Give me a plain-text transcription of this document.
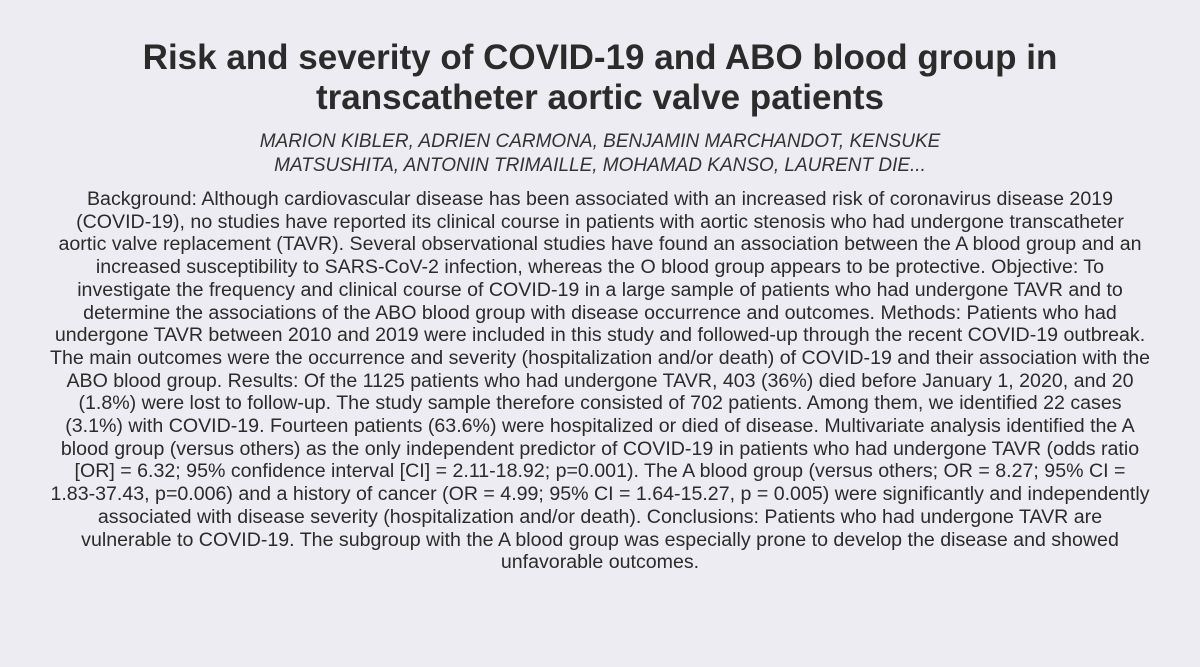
Risk and severity of COVID-19 and ABO blood group in transcatheter aortic valve patients
MARION KIBLER, ADRIEN CARMONA, BENJAMIN MARCHANDOT, KENSUKE MATSUSHITA, ANTONIN TRIMAILLE, MOHAMAD KANSO, LAURENT DIE...
Background: Although cardiovascular disease has been associated with an increased risk of coronavirus disease 2019 (COVID-19), no studies have reported its clinical course in patients with aortic stenosis who had undergone transcatheter aortic valve replacement (TAVR). Several observational studies have found an association between the A blood group and an increased susceptibility to SARS-CoV-2 infection, whereas the O blood group appears to be protective. Objective: To investigate the frequency and clinical course of COVID-19 in a large sample of patients who had undergone TAVR and to determine the associations of the ABO blood group with disease occurrence and outcomes. Methods: Patients who had undergone TAVR between 2010 and 2019 were included in this study and followed-up through the recent COVID-19 outbreak. The main outcomes were the occurrence and severity (hospitalization and/or death) of COVID-19 and their association with the ABO blood group. Results: Of the 1125 patients who had undergone TAVR, 403 (36%) died before January 1, 2020, and 20 (1.8%) were lost to follow-up. The study sample therefore consisted of 702 patients. Among them, we identified 22 cases (3.1%) with COVID-19. Fourteen patients (63.6%) were hospitalized or died of disease. Multivariate analysis identified the A blood group (versus others) as the only independent predictor of COVID-19 in patients who had undergone TAVR (odds ratio [OR] = 6.32; 95% confidence interval [CI] = 2.11-18.92; p=0.001). The A blood group (versus others; OR = 8.27; 95% CI = 1.83-37.43, p=0.006) and a history of cancer (OR = 4.99; 95% CI = 1.64-15.27, p = 0.005) were significantly and independently associated with disease severity (hospitalization and/or death). Conclusions: Patients who had undergone TAVR are vulnerable to COVID-19. The subgroup with the A blood group was especially prone to develop the disease and showed unfavorable outcomes.
